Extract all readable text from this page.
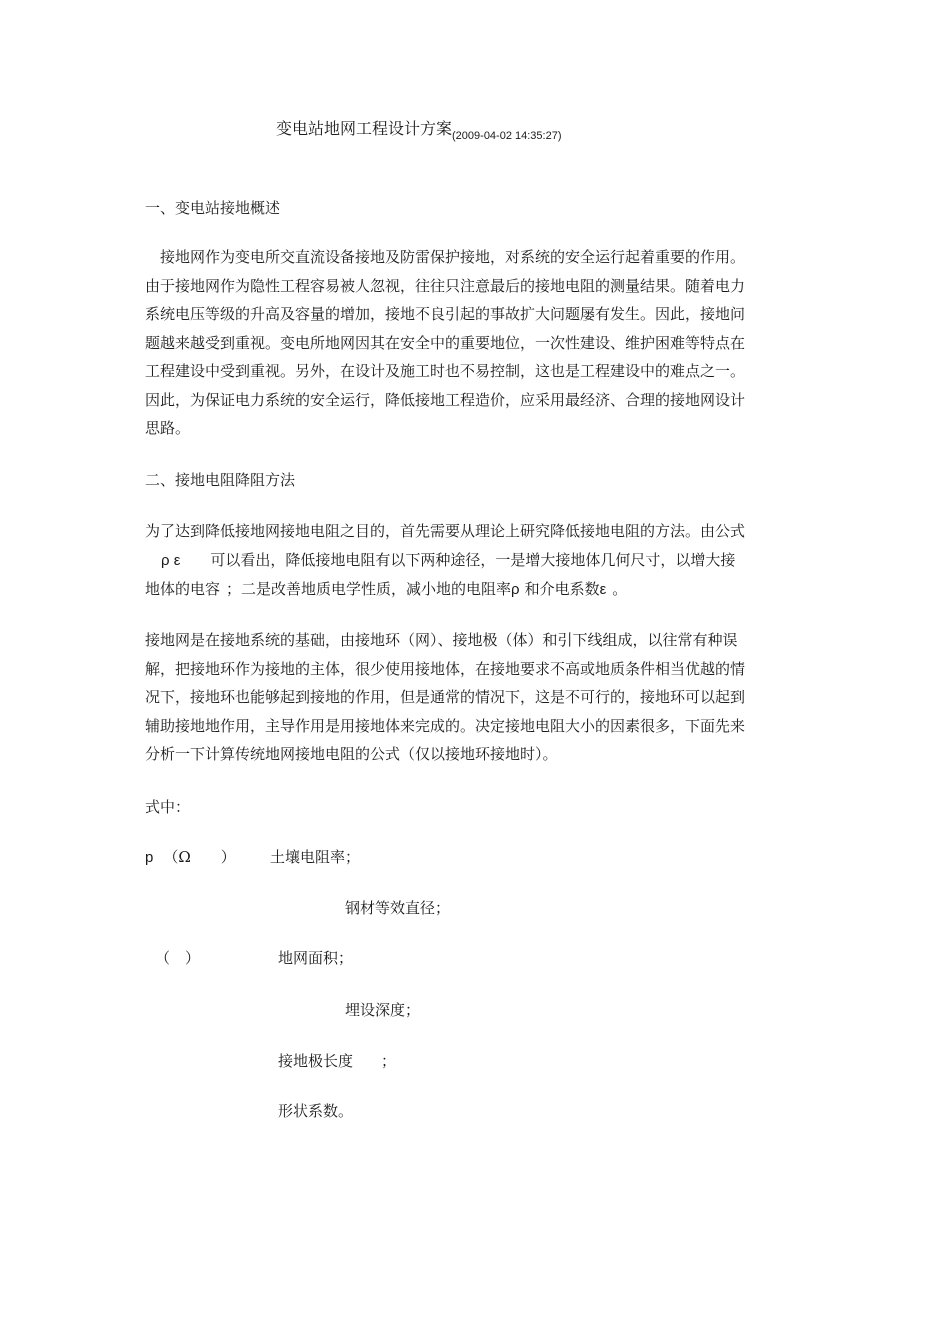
变电站地网工程设计方案$_{(2009-04-02 14:35:27)}$
一、变电站接地概述
接地网作为变电所交直流设备接地及防雷保护接地，对系统的安全运行起着重要的作用。
由于接地网作为隐性工程容易被人忽视，往往只注意最后的接地电阻的测量结果。随着电力
系统电压等级的升高及容量的增加，接地不良引起的事故扩大问题屡有发生。因此，接地问
题越来越受到重视。变电所地网因其在安全中的重要地位，一次性建设、维护困难等特点在
工程建设中受到重视。另外，在设计及施工时也不易控制，这也是工程建设中的难点之一。
因此，为保证电力系统的安全运行，降低接地工程造价，应采用最经济、合理的接地网设计
思路。
二、接地电阻降阻方法
为了达到降低接地网接地电阻之目的，首先需要从理论上研究降低接地电阻的方法。由公式
ρ ε 可以看出，降低接地电阻有以下两种途径，一是增大接地体几何尺寸，以增大接
地体的电容 ；二是改善地质电学性质，减小地的电阻率ρ 和介电系数ε 。
接地网是在接地系统的基础，由接地环（网）、接地极（体）和引下线组成，以往常有种误
解，把接地环作为接地的主体，很少使用接地体，在接地要求不高或地质条件相当优越的情
况下，接地环也能够起到接地的作用，但是通常的情况下，这是不可行的，接地环可以起到
辅助接地地作用，主导作用是用接地体来完成的。决定接地电阻大小的因素很多，下面先来
分析一下计算传统地网接地电阻的公式（仅以接地环接地时）。
式中：
p （Ω　　） 土壤电阻率；
钢材等效直径；
（　）	地网面积；
埋设深度；
接地极长度 ；
形状系数。
